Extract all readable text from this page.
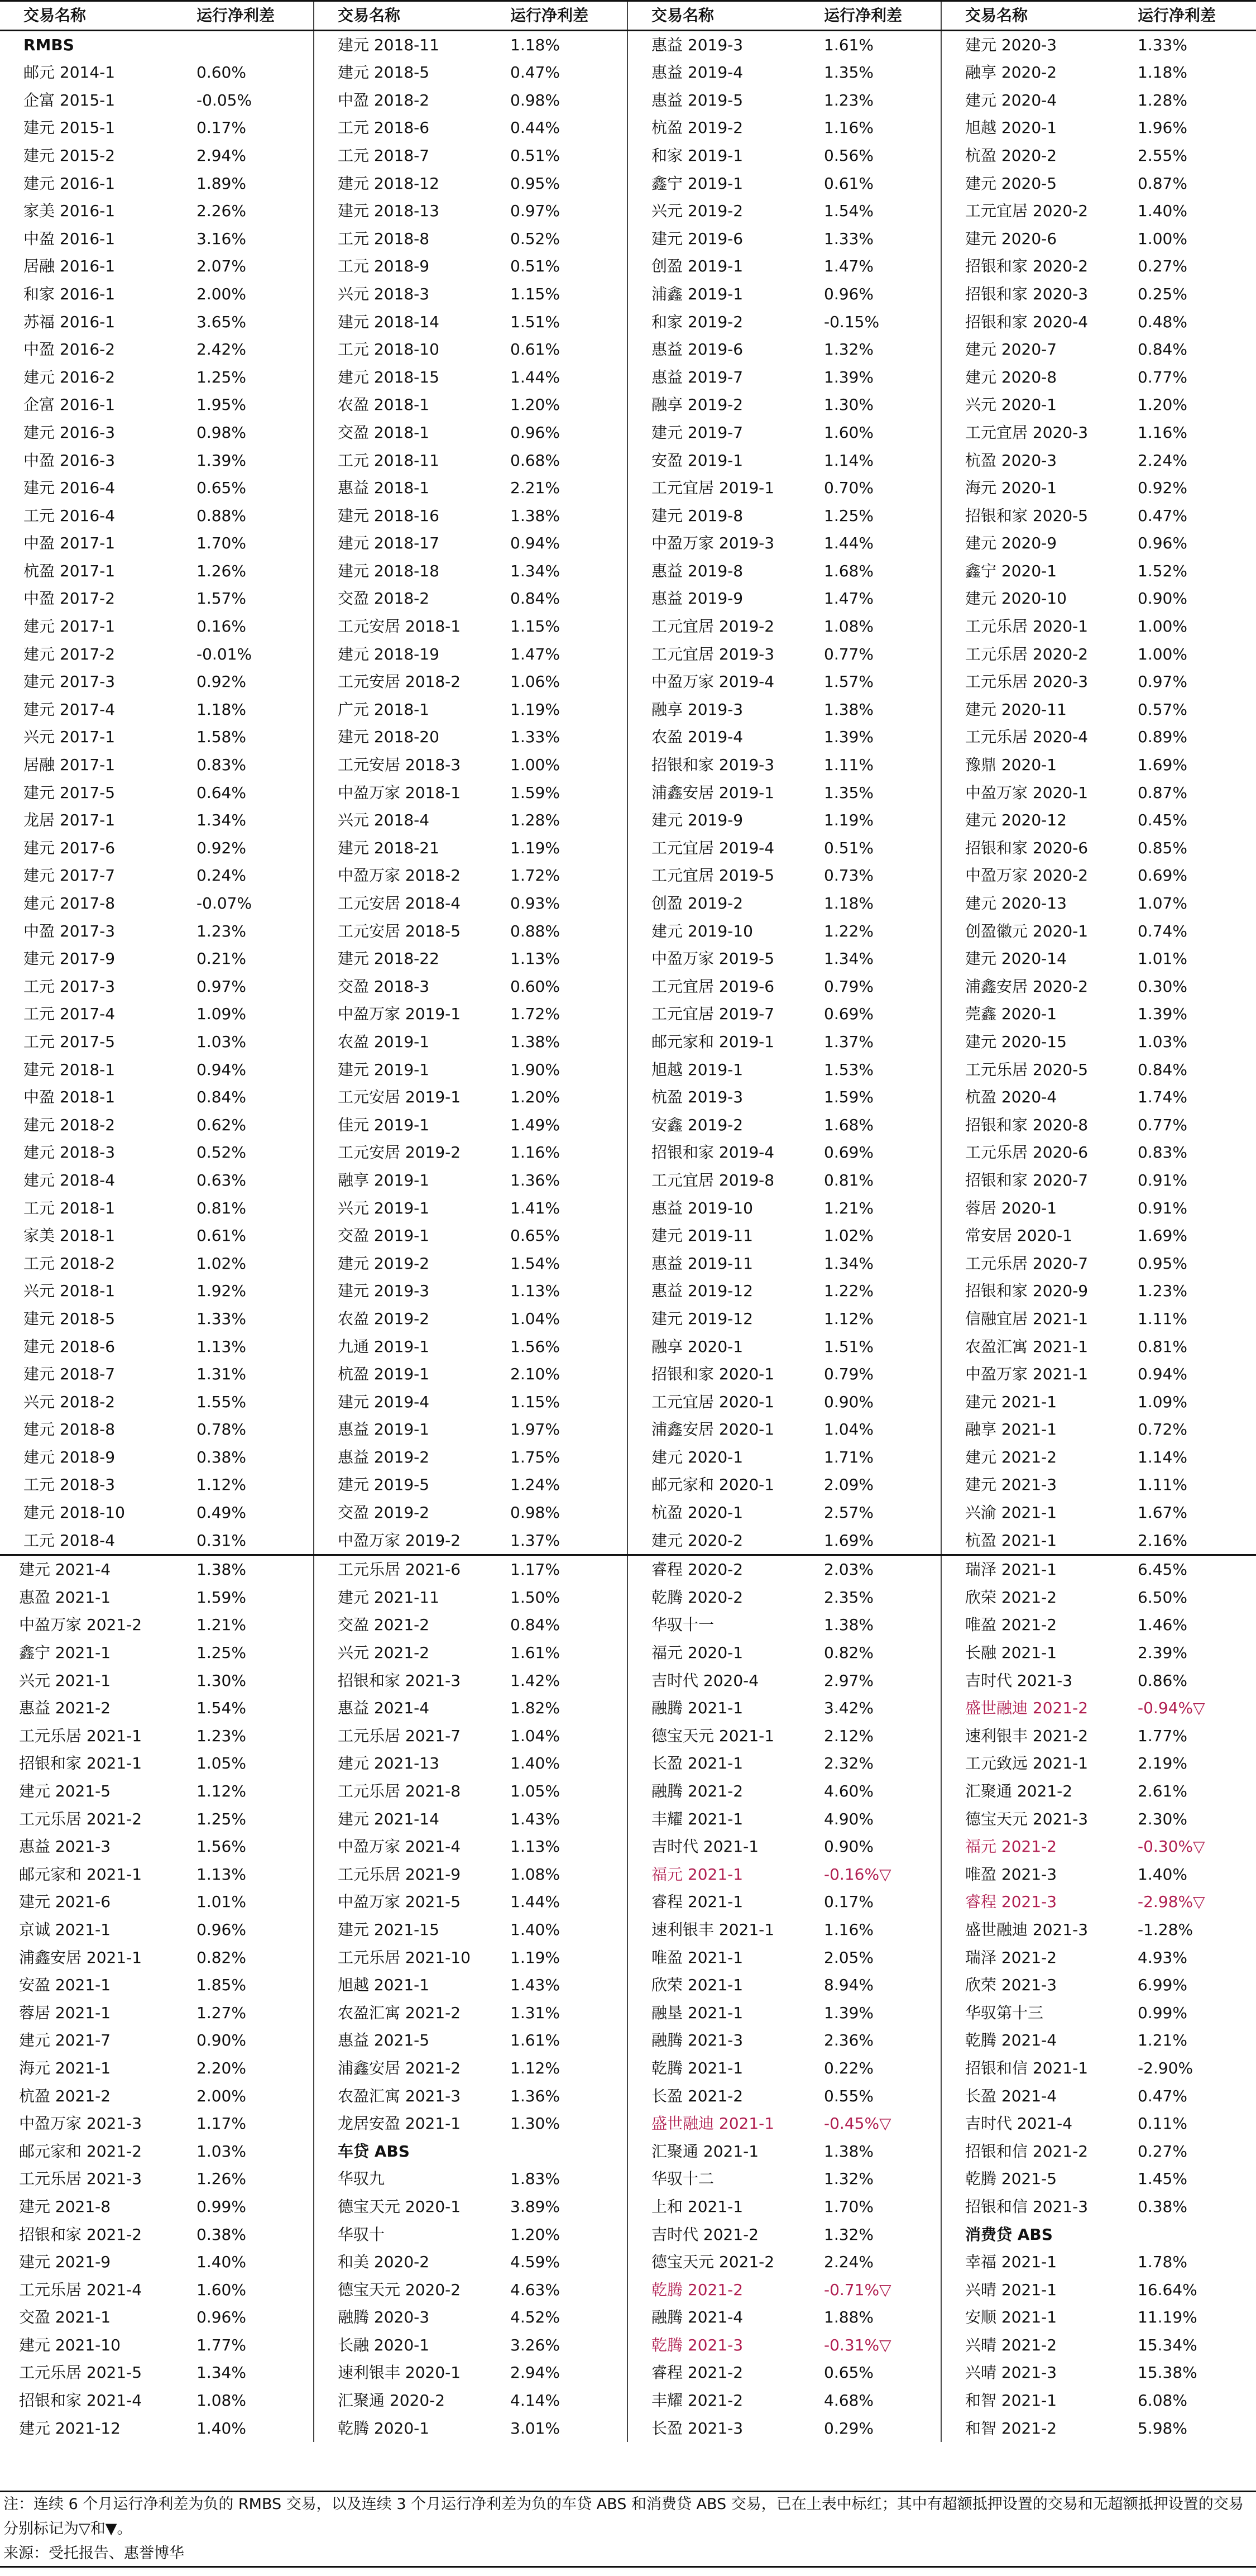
交易名称	运行净利差	交易名称	运行净利差	交易名称	运行净利差	交易名称	运行净利差
RMBS		建元 2018-11	1.18%	惠益 2019-3	1.61%	建元 2020-3	1.33%
邮元 2014-1	0.60%	建元 2018-5	0.47%	惠益 2019-4	1.35%	融享 2020-2	1.18%
企富 2015-1	-0.05%	中盈 2018-2	0.98%	惠益 2019-5	1.23%	建元 2020-4	1.28%
建元 2015-1	0.17%	工元 2018-6	0.44%	杭盈 2019-2	1.16%	旭越 2020-1	1.96%
建元 2015-2	2.94%	工元 2018-7	0.51%	和家 2019-1	0.56%	杭盈 2020-2	2.55%
建元 2016-1	1.89%	建元 2018-12	0.95%	鑫宁 2019-1	0.61%	建元 2020-5	0.87%
家美 2016-1	2.26%	建元 2018-13	0.97%	兴元 2019-2	1.54%	工元宜居 2020-2	1.40%
中盈 2016-1	3.16%	工元 2018-8	0.52%	建元 2019-6	1.33%	建元 2020-6	1.00%
居融 2016-1	2.07%	工元 2018-9	0.51%	创盈 2019-1	1.47%	招银和家 2020-2	0.27%
和家 2016-1	2.00%	兴元 2018-3	1.15%	浦鑫 2019-1	0.96%	招银和家 2020-3	0.25%
苏福 2016-1	3.65%	建元 2018-14	1.51%	和家 2019-2	-0.15%	招银和家 2020-4	0.48%
中盈 2016-2	2.42%	工元 2018-10	0.61%	惠益 2019-6	1.32%	建元 2020-7	0.84%
建元 2016-2	1.25%	建元 2018-15	1.44%	惠益 2019-7	1.39%	建元 2020-8	0.77%
企富 2016-1	1.95%	农盈 2018-1	1.20%	融享 2019-2	1.30%	兴元 2020-1	1.20%
建元 2016-3	0.98%	交盈 2018-1	0.96%	建元 2019-7	1.60%	工元宜居 2020-3	1.16%
中盈 2016-3	1.39%	工元 2018-11	0.68%	安盈 2019-1	1.14%	杭盈 2020-3	2.24%
建元 2016-4	0.65%	惠益 2018-1	2.21%	工元宜居 2019-1	0.70%	海元 2020-1	0.92%
工元 2016-4	0.88%	建元 2018-16	1.38%	建元 2019-8	1.25%	招银和家 2020-5	0.47%
中盈 2017-1	1.70%	建元 2018-17	0.94%	中盈万家 2019-3	1.44%	建元 2020-9	0.96%
杭盈 2017-1	1.26%	建元 2018-18	1.34%	惠益 2019-8	1.68%	鑫宁 2020-1	1.52%
中盈 2017-2	1.57%	交盈 2018-2	0.84%	惠益 2019-9	1.47%	建元 2020-10	0.90%
建元 2017-1	0.16%	工元安居 2018-1	1.15%	工元宜居 2019-2	1.08%	工元乐居 2020-1	1.00%
建元 2017-2	-0.01%	建元 2018-19	1.47%	工元宜居 2019-3	0.77%	工元乐居 2020-2	1.00%
建元 2017-3	0.92%	工元安居 2018-2	1.06%	中盈万家 2019-4	1.57%	工元乐居 2020-3	0.97%
建元 2017-4	1.18%	广元 2018-1	1.19%	融享 2019-3	1.38%	建元 2020-11	0.57%
兴元 2017-1	1.58%	建元 2018-20	1.33%	农盈 2019-4	1.39%	工元乐居 2020-4	0.89%
居融 2017-1	0.83%	工元安居 2018-3	1.00%	招银和家 2019-3	1.11%	豫鼎 2020-1	1.69%
建元 2017-5	0.64%	中盈万家 2018-1	1.59%	浦鑫安居 2019-1	1.35%	中盈万家 2020-1	0.87%
龙居 2017-1	1.34%	兴元 2018-4	1.28%	建元 2019-9	1.19%	建元 2020-12	0.45%
建元 2017-6	0.92%	建元 2018-21	1.19%	工元宜居 2019-4	0.51%	招银和家 2020-6	0.85%
建元 2017-7	0.24%	中盈万家 2018-2	1.72%	工元宜居 2019-5	0.73%	中盈万家 2020-2	0.69%
建元 2017-8	-0.07%	工元安居 2018-4	0.93%	创盈 2019-2	1.18%	建元 2020-13	1.07%
中盈 2017-3	1.23%	工元安居 2018-5	0.88%	建元 2019-10	1.22%	创盈徽元 2020-1	0.74%
建元 2017-9	0.21%	建元 2018-22	1.13%	中盈万家 2019-5	1.34%	建元 2020-14	1.01%
工元 2017-3	0.97%	交盈 2018-3	0.60%	工元宜居 2019-6	0.79%	浦鑫安居 2020-2	0.30%
工元 2017-4	1.09%	中盈万家 2019-1	1.72%	工元宜居 2019-7	0.69%	莞鑫 2020-1	1.39%
工元 2017-5	1.03%	农盈 2019-1	1.38%	邮元家和 2019-1	1.37%	建元 2020-15	1.03%
建元 2018-1	0.94%	建元 2019-1	1.90%	旭越 2019-1	1.53%	工元乐居 2020-5	0.84%
中盈 2018-1	0.84%	工元安居 2019-1	1.20%	杭盈 2019-3	1.59%	杭盈 2020-4	1.74%
建元 2018-2	0.62%	佳元 2019-1	1.49%	安鑫 2019-2	1.68%	招银和家 2020-8	0.77%
建元 2018-3	0.52%	工元安居 2019-2	1.16%	招银和家 2019-4	0.69%	工元乐居 2020-6	0.83%
建元 2018-4	0.63%	融享 2019-1	1.36%	工元宜居 2019-8	0.81%	招银和家 2020-7	0.91%
工元 2018-1	0.81%	兴元 2019-1	1.41%	惠益 2019-10	1.21%	蓉居 2020-1	0.91%
家美 2018-1	0.61%	交盈 2019-1	0.65%	建元 2019-11	1.02%	常安居 2020-1	1.69%
工元 2018-2	1.02%	建元 2019-2	1.54%	惠益 2019-11	1.34%	工元乐居 2020-7	0.95%
兴元 2018-1	1.92%	建元 2019-3	1.13%	惠益 2019-12	1.22%	招银和家 2020-9	1.23%
建元 2018-5	1.33%	农盈 2019-2	1.04%	建元 2019-12	1.12%	信融宜居 2021-1	1.11%
建元 2018-6	1.13%	九通 2019-1	1.56%	融享 2020-1	1.51%	农盈汇寓 2021-1	0.81%
建元 2018-7	1.31%	杭盈 2019-1	2.10%	招银和家 2020-1	0.79%	中盈万家 2021-1	0.94%
兴元 2018-2	1.55%	建元 2019-4	1.15%	工元宜居 2020-1	0.90%	建元 2021-1	1.09%
建元 2018-8	0.78%	惠益 2019-1	1.97%	浦鑫安居 2020-1	1.04%	融享 2021-1	0.72%
建元 2018-9	0.38%	惠益 2019-2	1.75%	建元 2020-1	1.71%	建元 2021-2	1.14%
工元 2018-3	1.12%	建元 2019-5	1.24%	邮元家和 2020-1	2.09%	建元 2021-3	1.11%
建元 2018-10	0.49%	交盈 2019-2	0.98%	杭盈 2020-1	2.57%	兴渝 2021-1	1.67%
工元 2018-4	0.31%	中盈万家 2019-2	1.37%	建元 2020-2	1.69%	杭盈 2021-1	2.16%
建元 2021-4	1.38%	工元乐居 2021-6	1.17%	睿程 2020-2	2.03%	瑞泽 2021-1	6.45%
惠盈 2021-1	1.59%	建元 2021-11	1.50%	乾腾 2020-2	2.35%	欣荣 2021-2	6.50%
中盈万家 2021-2	1.21%	交盈 2021-2	0.84%	华驭十一	1.38%	唯盈 2021-2	1.46%
鑫宁 2021-1	1.25%	兴元 2021-2	1.61%	福元 2020-1	0.82%	长融 2021-1	2.39%
兴元 2021-1	1.30%	招银和家 2021-3	1.42%	吉时代 2020-4	2.97%	吉时代 2021-3	0.86%
惠益 2021-2	1.54%	惠益 2021-4	1.82%	融腾 2021-1	3.42%	盛世融迪 2021-2	-0.94%▽
工元乐居 2021-1	1.23%	工元乐居 2021-7	1.04%	德宝天元 2021-1	2.12%	速利银丰 2021-2	1.77%
招银和家 2021-1	1.05%	建元 2021-13	1.40%	长盈 2021-1	2.32%	工元致远 2021-1	2.19%
建元 2021-5	1.12%	工元乐居 2021-8	1.05%	融腾 2021-2	4.60%	汇聚通 2021-2	2.61%
工元乐居 2021-2	1.25%	建元 2021-14	1.43%	丰耀 2021-1	4.90%	德宝天元 2021-3	2.30%
惠益 2021-3	1.56%	中盈万家 2021-4	1.13%	吉时代 2021-1	0.90%	福元 2021-2	-0.30%▽
邮元家和 2021-1	1.13%	工元乐居 2021-9	1.08%	福元 2021-1	-0.16%▽	唯盈 2021-3	1.40%
建元 2021-6	1.01%	中盈万家 2021-5	1.44%	睿程 2021-1	0.17%	睿程 2021-3	-2.98%▽
京诚 2021-1	0.96%	建元 2021-15	1.40%	速利银丰 2021-1	1.16%	盛世融迪 2021-3	-1.28%
浦鑫安居 2021-1	0.82%	工元乐居 2021-10	1.19%	唯盈 2021-1	2.05%	瑞泽 2021-2	4.93%
安盈 2021-1	1.85%	旭越 2021-1	1.43%	欣荣 2021-1	8.94%	欣荣 2021-3	6.99%
蓉居 2021-1	1.27%	农盈汇寓 2021-2	1.31%	融垦 2021-1	1.39%	华驭第十三	0.99%
建元 2021-7	0.90%	惠益 2021-5	1.61%	融腾 2021-3	2.36%	乾腾 2021-4	1.21%
海元 2021-1	2.20%	浦鑫安居 2021-2	1.12%	乾腾 2021-1	0.22%	招银和信 2021-1	-2.90%
杭盈 2021-2	2.00%	农盈汇寓 2021-3	1.36%	长盈 2021-2	0.55%	长盈 2021-4	0.47%
中盈万家 2021-3	1.17%	龙居安盈 2021-1	1.30%	盛世融迪 2021-1	-0.45%▽	吉时代 2021-4	0.11%
邮元家和 2021-2	1.03%	车贷 ABS		汇聚通 2021-1	1.38%	招银和信 2021-2	0.27%
工元乐居 2021-3	1.26%	华驭九	1.83%	华驭十二	1.32%	乾腾 2021-5	1.45%
建元 2021-8	0.99%	德宝天元 2020-1	3.89%	上和 2021-1	1.70%	招银和信 2021-3	0.38%
招银和家 2021-2	0.38%	华驭十	1.20%	吉时代 2021-2	1.32%	消费贷 ABS	
建元 2021-9	1.40%	和美 2020-2	4.59%	德宝天元 2021-2	2.24%	幸福 2021-1	1.78%
工元乐居 2021-4	1.60%	德宝天元 2020-2	4.63%	乾腾 2021-2	-0.71%▽	兴晴 2021-1	16.64%
交盈 2021-1	0.96%	融腾 2020-3	4.52%	融腾 2021-4	1.88%	安顺 2021-1	11.19%
建元 2021-10	1.77%	长融 2020-1	3.26%	乾腾 2021-3	-0.31%▽	兴晴 2021-2	15.34%
工元乐居 2021-5	1.34%	速利银丰 2020-1	2.94%	睿程 2021-2	0.65%	兴晴 2021-3	15.38%
招银和家 2021-4	1.08%	汇聚通 2020-2	4.14%	丰耀 2021-2	4.68%	和智 2021-1	6.08%
建元 2021-12	1.40%	乾腾 2020-1	3.01%	长盈 2021-3	0.29%	和智 2021-2	5.98%

注：连续 6 个月运行净利差为负的 RMBS 交易，以及连续 3 个月运行净利差为负的车贷 ABS 和消费贷 ABS 交易，已在上表中标红；其中有超额抵押设置的交易和无超额抵押设置的交易分别标记为▽和▼。

来源：受托报告、惠誉博华
